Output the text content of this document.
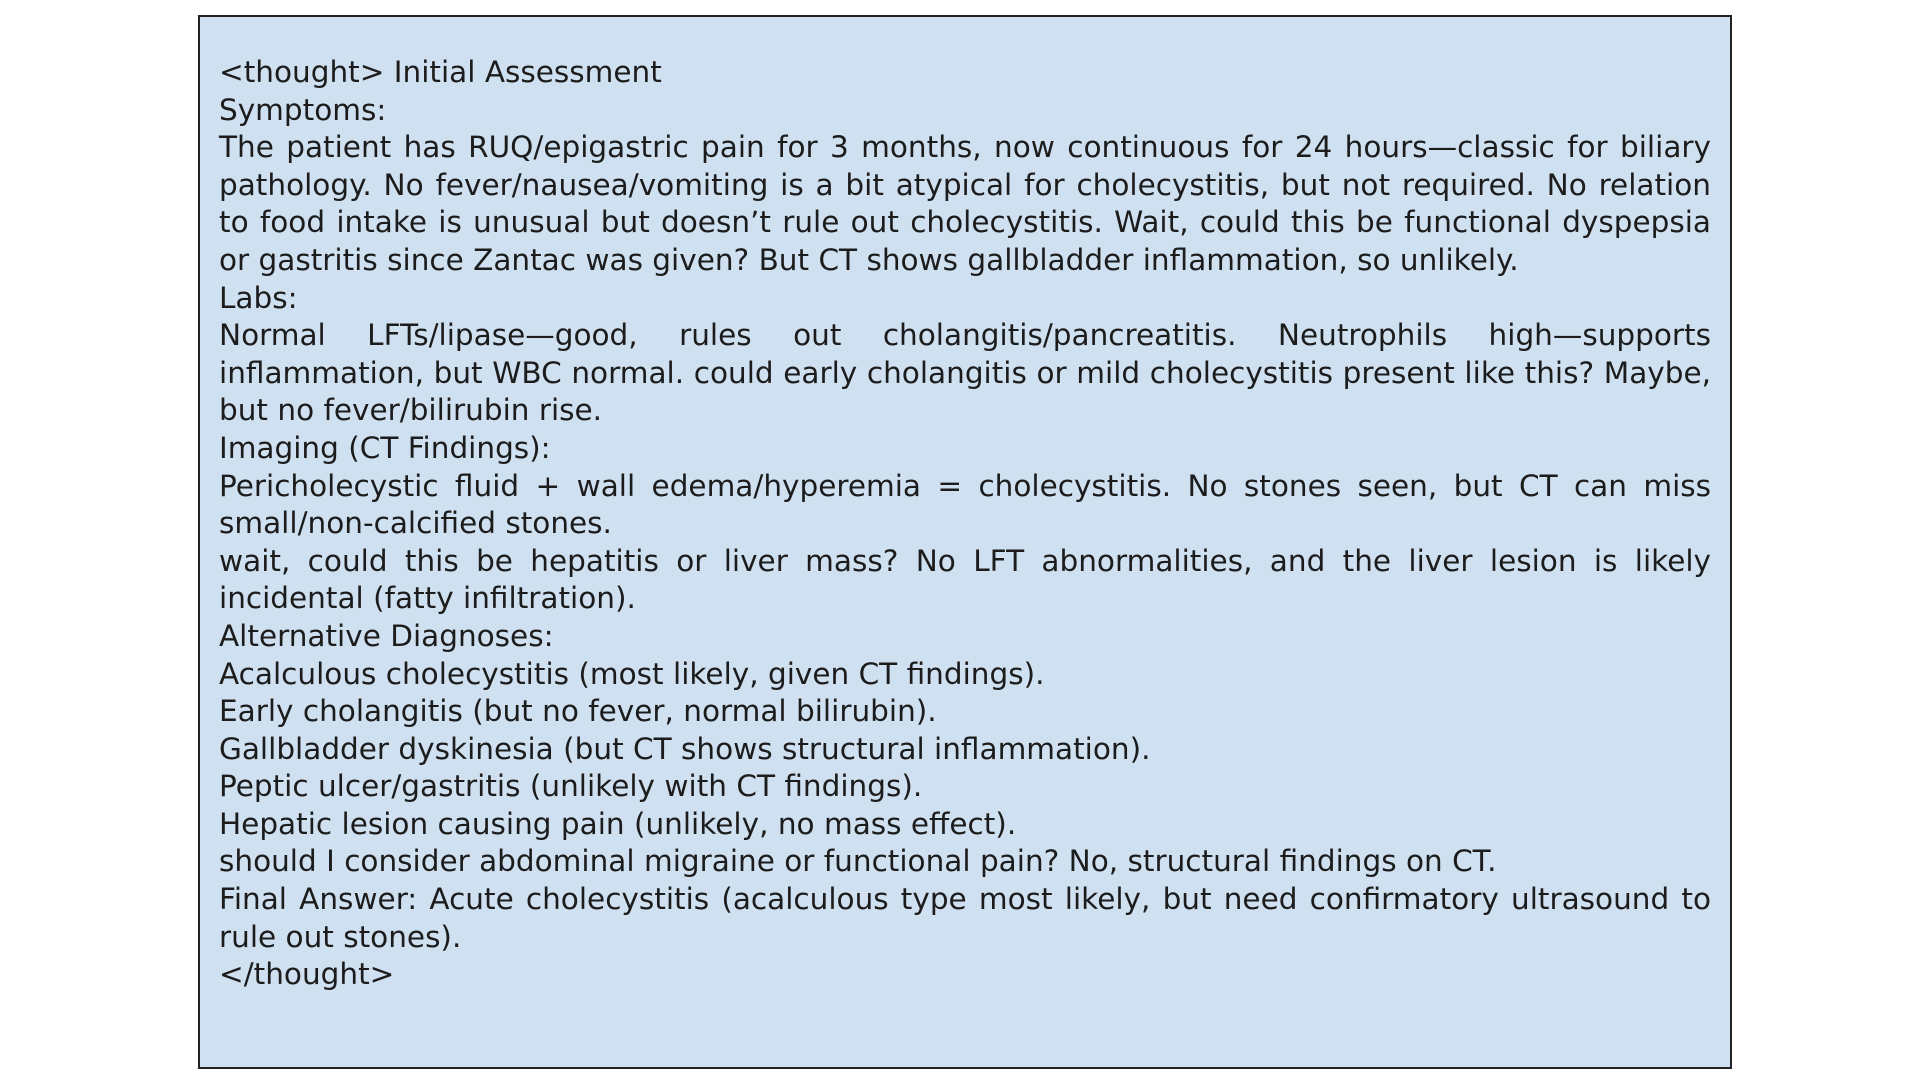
<thought> Initial Assessment
Symptoms:

The patient has RUQ/epigastric pain for 3 months, now continuous for 24 hours—classic for biliary pathology. No fever/nausea/vomiting is a bit atypical for cholecystitis, but not required. No relation to food intake is unusual but doesn’t rule out cholecystitis. Wait, could this be functional dyspepsia or gastritis since Zantac was given? But CT shows gallbladder inflammation, so unlikely.

Labs:

Normal LFTs/lipase—good, rules out cholangitis/pancreatitis. Neutrophils high—supports inflammation, but WBC normal. could early cholangitis or mild cholecystitis present like this? Maybe, but no fever/bilirubin rise.

Imaging (CT Findings):

Pericholecystic fluid + wall edema/hyperemia = cholecystitis. No stones seen, but CT can miss small/non-calcified stones.

wait, could this be hepatitis or liver mass? No LFT abnormalities, and the liver lesion is likely incidental (fatty infiltration).

Alternative Diagnoses:
Acalculous cholecystitis (most likely, given CT findings).
Early cholangitis (but no fever, normal bilirubin).
Gallbladder dyskinesia (but CT shows structural inflammation).
Peptic ulcer/gastritis (unlikely with CT findings).
Hepatic lesion causing pain (unlikely, no mass effect).
should I consider abdominal migraine or functional pain? No, structural findings on CT.

Final Answer: Acute cholecystitis (acalculous type most likely, but need confirmatory ultrasound to rule out stones).

</thought>
